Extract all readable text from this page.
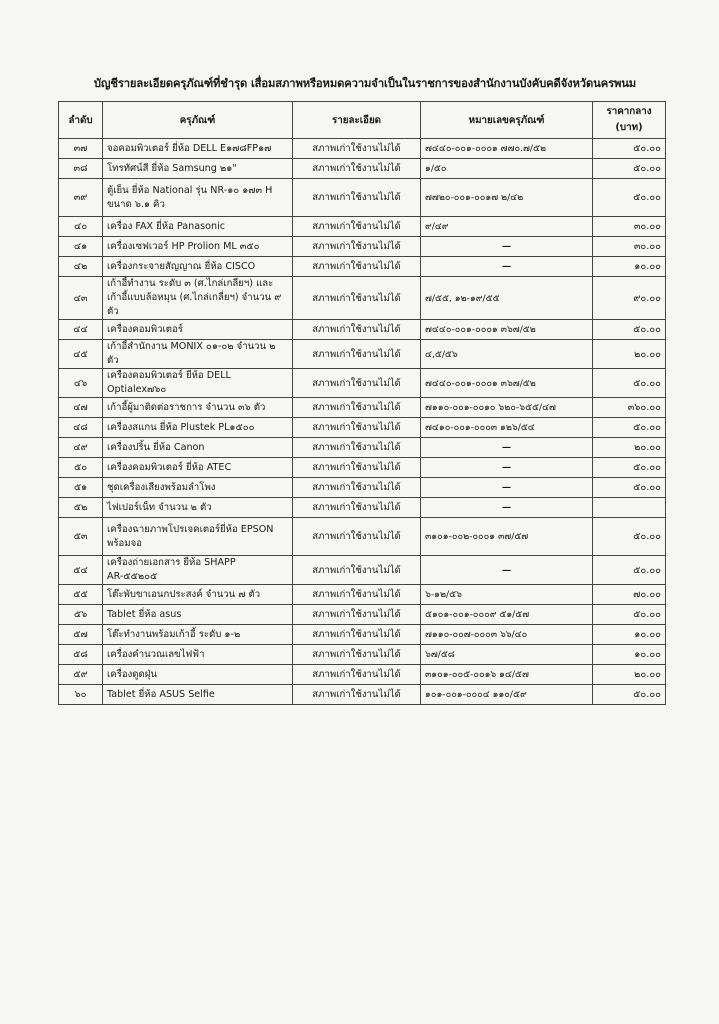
บัญชีรายละเอียดครุภัณฑ์ที่ชำรุด เสื่อมสภาพหรือหมดความจำเป็นในราชการของสำนักงานบังคับคดีจังหวัดนครพนม
ลำดับ	ครุภัณฑ์	รายละเอียด	หมายเลขครุภัณฑ์	ราคากลาง
(บาท)

๓๗	จอคอมพิวเตอร์ ยี่ห้อ DELL E๑๗๘FP๑๗	สภาพเก่าใช้งานไม่ได้	๗๔๔๐-๐๐๑-๐๐๐๑ ๗๗๐.๗/๕๒	๕๐.๐๐
๓๘	โทรทัศน์สี ยี่ห้อ Samsung ๒๑"	สภาพเก่าใช้งานไม่ได้	๑/๕๐	๕๐.๐๐
๓๙	ตู้เย็น ยี่ห้อ National รุ่น NR-๑๐ ๑๗๓ H ขนาด ๖.๑ คิว	สภาพเก่าใช้งานไม่ได้	๗๗๒๐-๐๐๑-๐๐๑๗ ๒/๔๒	๕๐.๐๐
๔๐	เครื่อง FAX ยี่ห้อ Panasonic	สภาพเก่าใช้งานไม่ได้	๙/๔๙	๓๐.๐๐
๔๑	เครื่องเซฟเวอร์ HP Prolion ML ๓๕๐	สภาพเก่าใช้งานไม่ได้	—	๓๐.๐๐
๔๒	เครื่องกระจายสัญญาณ ยี่ห้อ CISCO	สภาพเก่าใช้งานไม่ได้	—	๑๐.๐๐
๔๓	เก้าอี้ทำงาน ระดับ ๓ (ศ.ไกล่เกลี่ยฯ) และเก้าอี้แบบล้อหมุน (ศ.ไกล่เกลี่ยฯ) จำนวน ๙ ตัว	สภาพเก่าใช้งานไม่ได้	๗/๕๕, ๑๒-๑๙/๕๕	๙๐.๐๐
๔๔	เครื่องคอมพิวเตอร์	สภาพเก่าใช้งานไม่ได้	๗๔๔๐-๐๐๑-๐๐๐๑ ๓๖๗/๕๒	๕๐.๐๐
๔๕	เก้าอี้สำนักงาน MONIX ๐๑-๐๒ จำนวน ๒ ตัว	สภาพเก่าใช้งานไม่ได้	๔,๕/๕๖	๒๐.๐๐
๔๖	เครื่องคอมพิวเตอร์ ยี่ห้อ DELL Optialex๗๖๐	สภาพเก่าใช้งานไม่ได้	๗๔๔๐-๐๐๑-๐๐๐๑ ๓๖๗/๕๒	๕๐.๐๐
๔๗	เก้าอี้ผู้มาติดต่อราชการ จำนวน ๓๖ ตัว	สภาพเก่าใช้งานไม่ได้	๗๑๑๐-๐๐๑-๐๐๑๐ ๖๒๐-๖๕๕/๔๗	๓๖๐.๐๐
๔๘	เครื่องสแกน ยี่ห้อ Plustek PL๑๕๐๐	สภาพเก่าใช้งานไม่ได้	๗๔๑๐-๐๐๑-๐๐๐๓ ๑๒๖/๕๔	๕๐.๐๐
๔๙	เครื่องปริ้น ยี่ห้อ Canon	สภาพเก่าใช้งานไม่ได้	—	๒๐.๐๐
๕๐	เครื่องคอมพิวเตอร์ ยี่ห้อ ATEC	สภาพเก่าใช้งานไม่ได้	—	๕๐.๐๐
๕๑	ชุดเครื่องเสียงพร้อมลำโพง	สภาพเก่าใช้งานไม่ได้	—	๕๐.๐๐
๕๒	ไฟเปอร์เน็ท จำนวน ๒ ตัว	สภาพเก่าใช้งานไม่ได้	—	
๕๓	เครื่องฉายภาพโปรเจคเตอร์ยี่ห้อ EPSON พร้อมจอ	สภาพเก่าใช้งานไม่ได้	๓๑๐๑-๐๐๒-๐๐๐๑ ๓๗/๕๗	๕๐.๐๐
๕๔	เครื่องถ่ายเอกสาร ยี่ห้อ SHAPP AR-๕๕๒๐๕	สภาพเก่าใช้งานไม่ได้	—	๕๐.๐๐
๕๕	โต๊ะพับขาเอนกประสงค์ จำนวน ๗ ตัว	สภาพเก่าใช้งานไม่ได้	๖-๑๒/๕๖	๗๐.๐๐
๕๖	Tablet ยี่ห้อ asus	สภาพเก่าใช้งานไม่ได้	๕๑๐๑-๐๐๑-๐๐๐๙ ๕๑/๕๗	๕๐.๐๐
๕๗	โต๊ะทำงานพร้อมเก้าอี้ ระดับ ๑-๒	สภาพเก่าใช้งานไม่ได้	๗๑๑๐-๐๐๗-๐๐๐๓ ๖๖/๔๐	๑๐.๐๐
๕๘	เครื่องคำนวณเลขไฟฟ้า	สภาพเก่าใช้งานไม่ได้	๖๗/๕๘	๑๐.๐๐
๕๙	เครื่องดูดฝุ่น	สภาพเก่าใช้งานไม่ได้	๓๑๐๑-๐๐๕-๐๐๑๖ ๑๔/๕๗	๒๐.๐๐
๖๐	Tablet ยี่ห้อ ASUS Selfie	สภาพเก่าใช้งานไม่ได้	๑๐๑-๐๐๑-๐๐๐๔ ๑๑๐/๕๙	๕๐.๐๐
